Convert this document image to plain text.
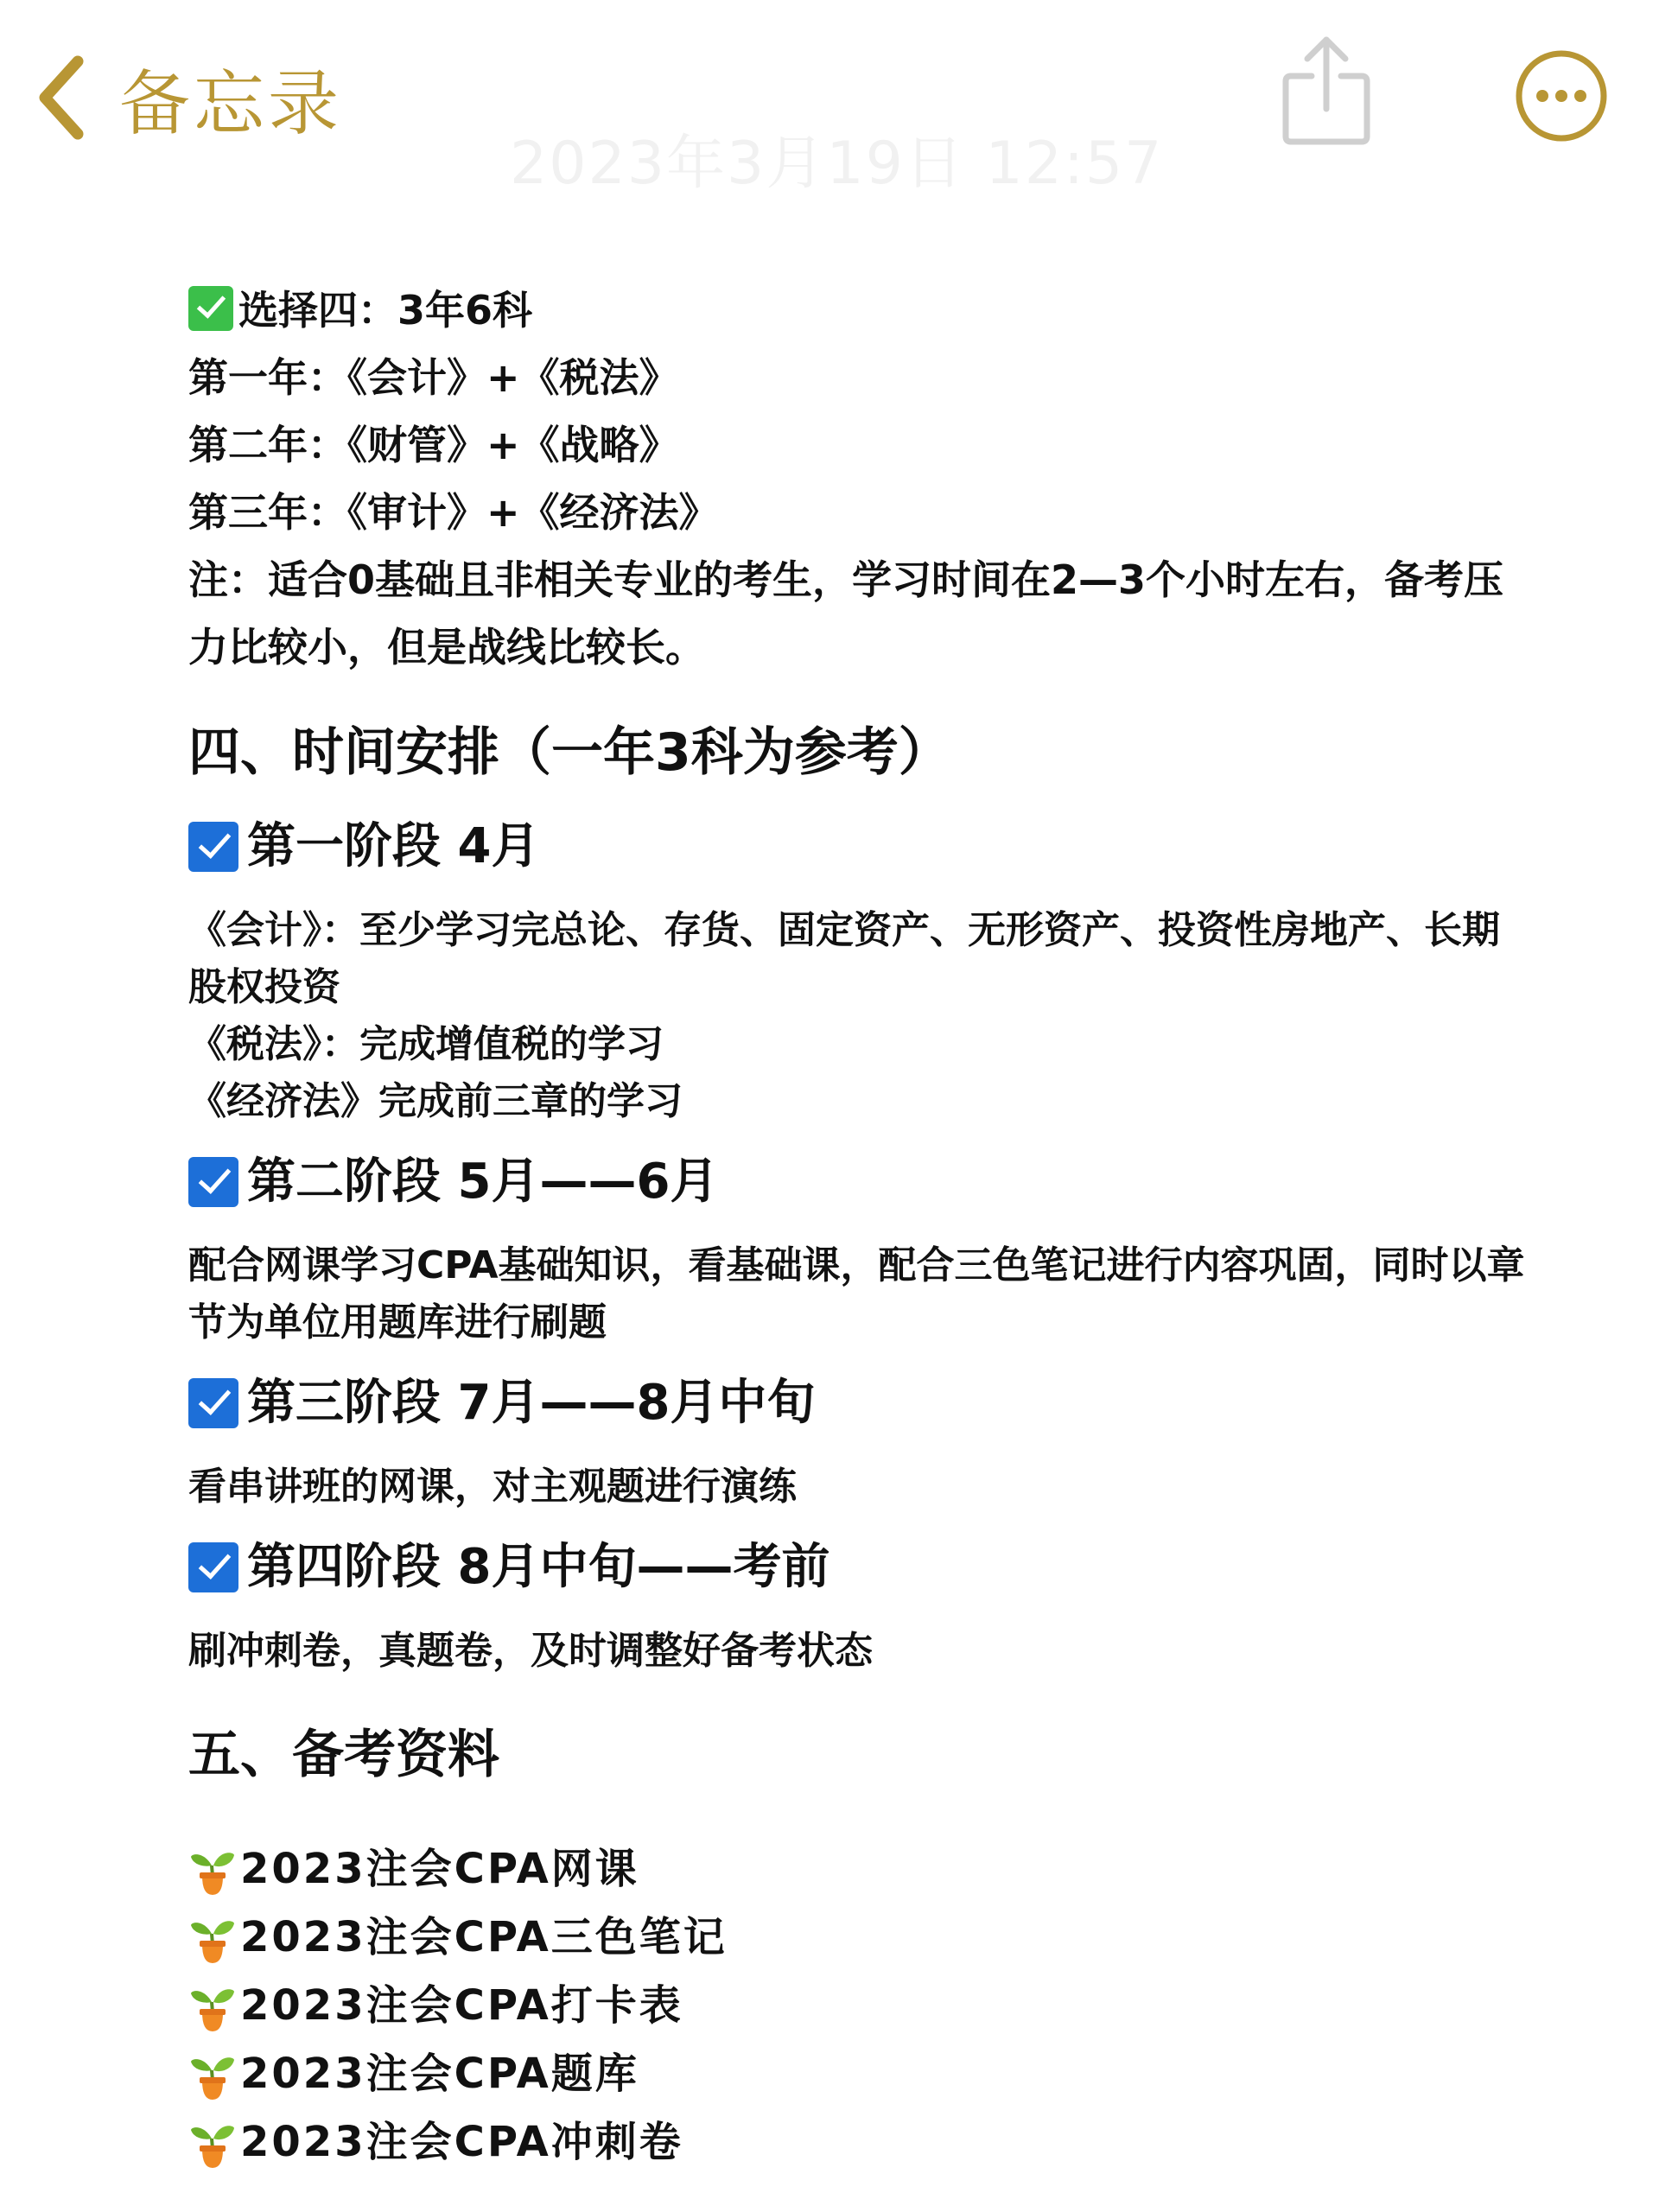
备忘录
2023年3月19日 12:57
选择四：3年6科
第一年：《会计》+《税法》
第二年：《财管》+《战略》
第三年：《审计》+《经济法》
注：适合0基础且非相关专业的考生，学习时间在2—3个小时左右，备考压力比较小，但是战线比较长。
四、时间安排（一年3科为参考）
第一阶段 4月

《会计》：至少学习完总论、存货、固定资产、无形资产、投资性房地产、长期股权投资

《税法》：完成增值税的学习

《经济法》完成前三章的学习

第二阶段 5月——6月

配合网课学习CPA基础知识，看基础课，配合三色笔记进行内容巩固，同时以章节为单位用题库进行刷题

第三阶段 7月——8月中旬

看串讲班的网课，对主观题进行演练

第四阶段 8月中旬——考前

刷冲刺卷，真题卷，及时调整好备考状态

五、备考资料
2023注会CPA网课
2023注会CPA三色笔记
2023注会CPA打卡表
2023注会CPA题库
2023注会CPA冲刺卷
